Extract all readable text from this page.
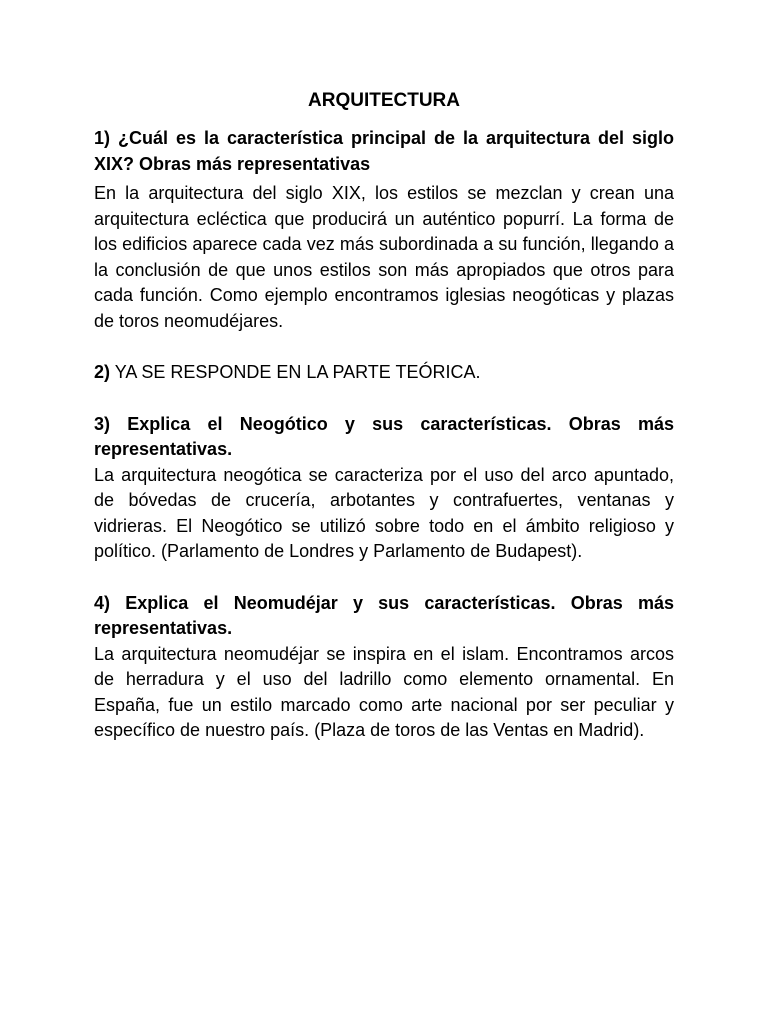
ARQUITECTURA

1) ¿Cuál es la característica principal de la arquitectura del siglo XIX? Obras más representativas

En la arquitectura del siglo XIX, los estilos se mezclan y crean una arquitectura ecléctica que producirá un auténtico popurrí. La forma de los edificios aparece cada vez más subordinada a su función, llegando a la conclusión de que unos estilos son más apropiados que otros para cada función. Como ejemplo encontramos iglesias neogóticas y plazas de toros neomudéjares.

2) YA SE RESPONDE EN LA PARTE TEÓRICA.

3) Explica el Neogótico y sus características. Obras más representativas.

La arquitectura neogótica se caracteriza por el uso del arco apuntado, de bóvedas de crucería, arbotantes y contrafuertes, ventanas y vidrieras. El Neogótico se utilizó sobre todo en el ámbito religioso y político. (Parlamento de Londres y Parlamento de Budapest).

4) Explica el Neomudéjar y sus características. Obras más representativas.

La arquitectura neomudéjar se inspira en el islam. Encontramos arcos de herradura y el uso del ladrillo como elemento ornamental. En España, fue un estilo marcado como arte nacional por ser peculiar y específico de nuestro país. (Plaza de toros de las Ventas en Madrid).
